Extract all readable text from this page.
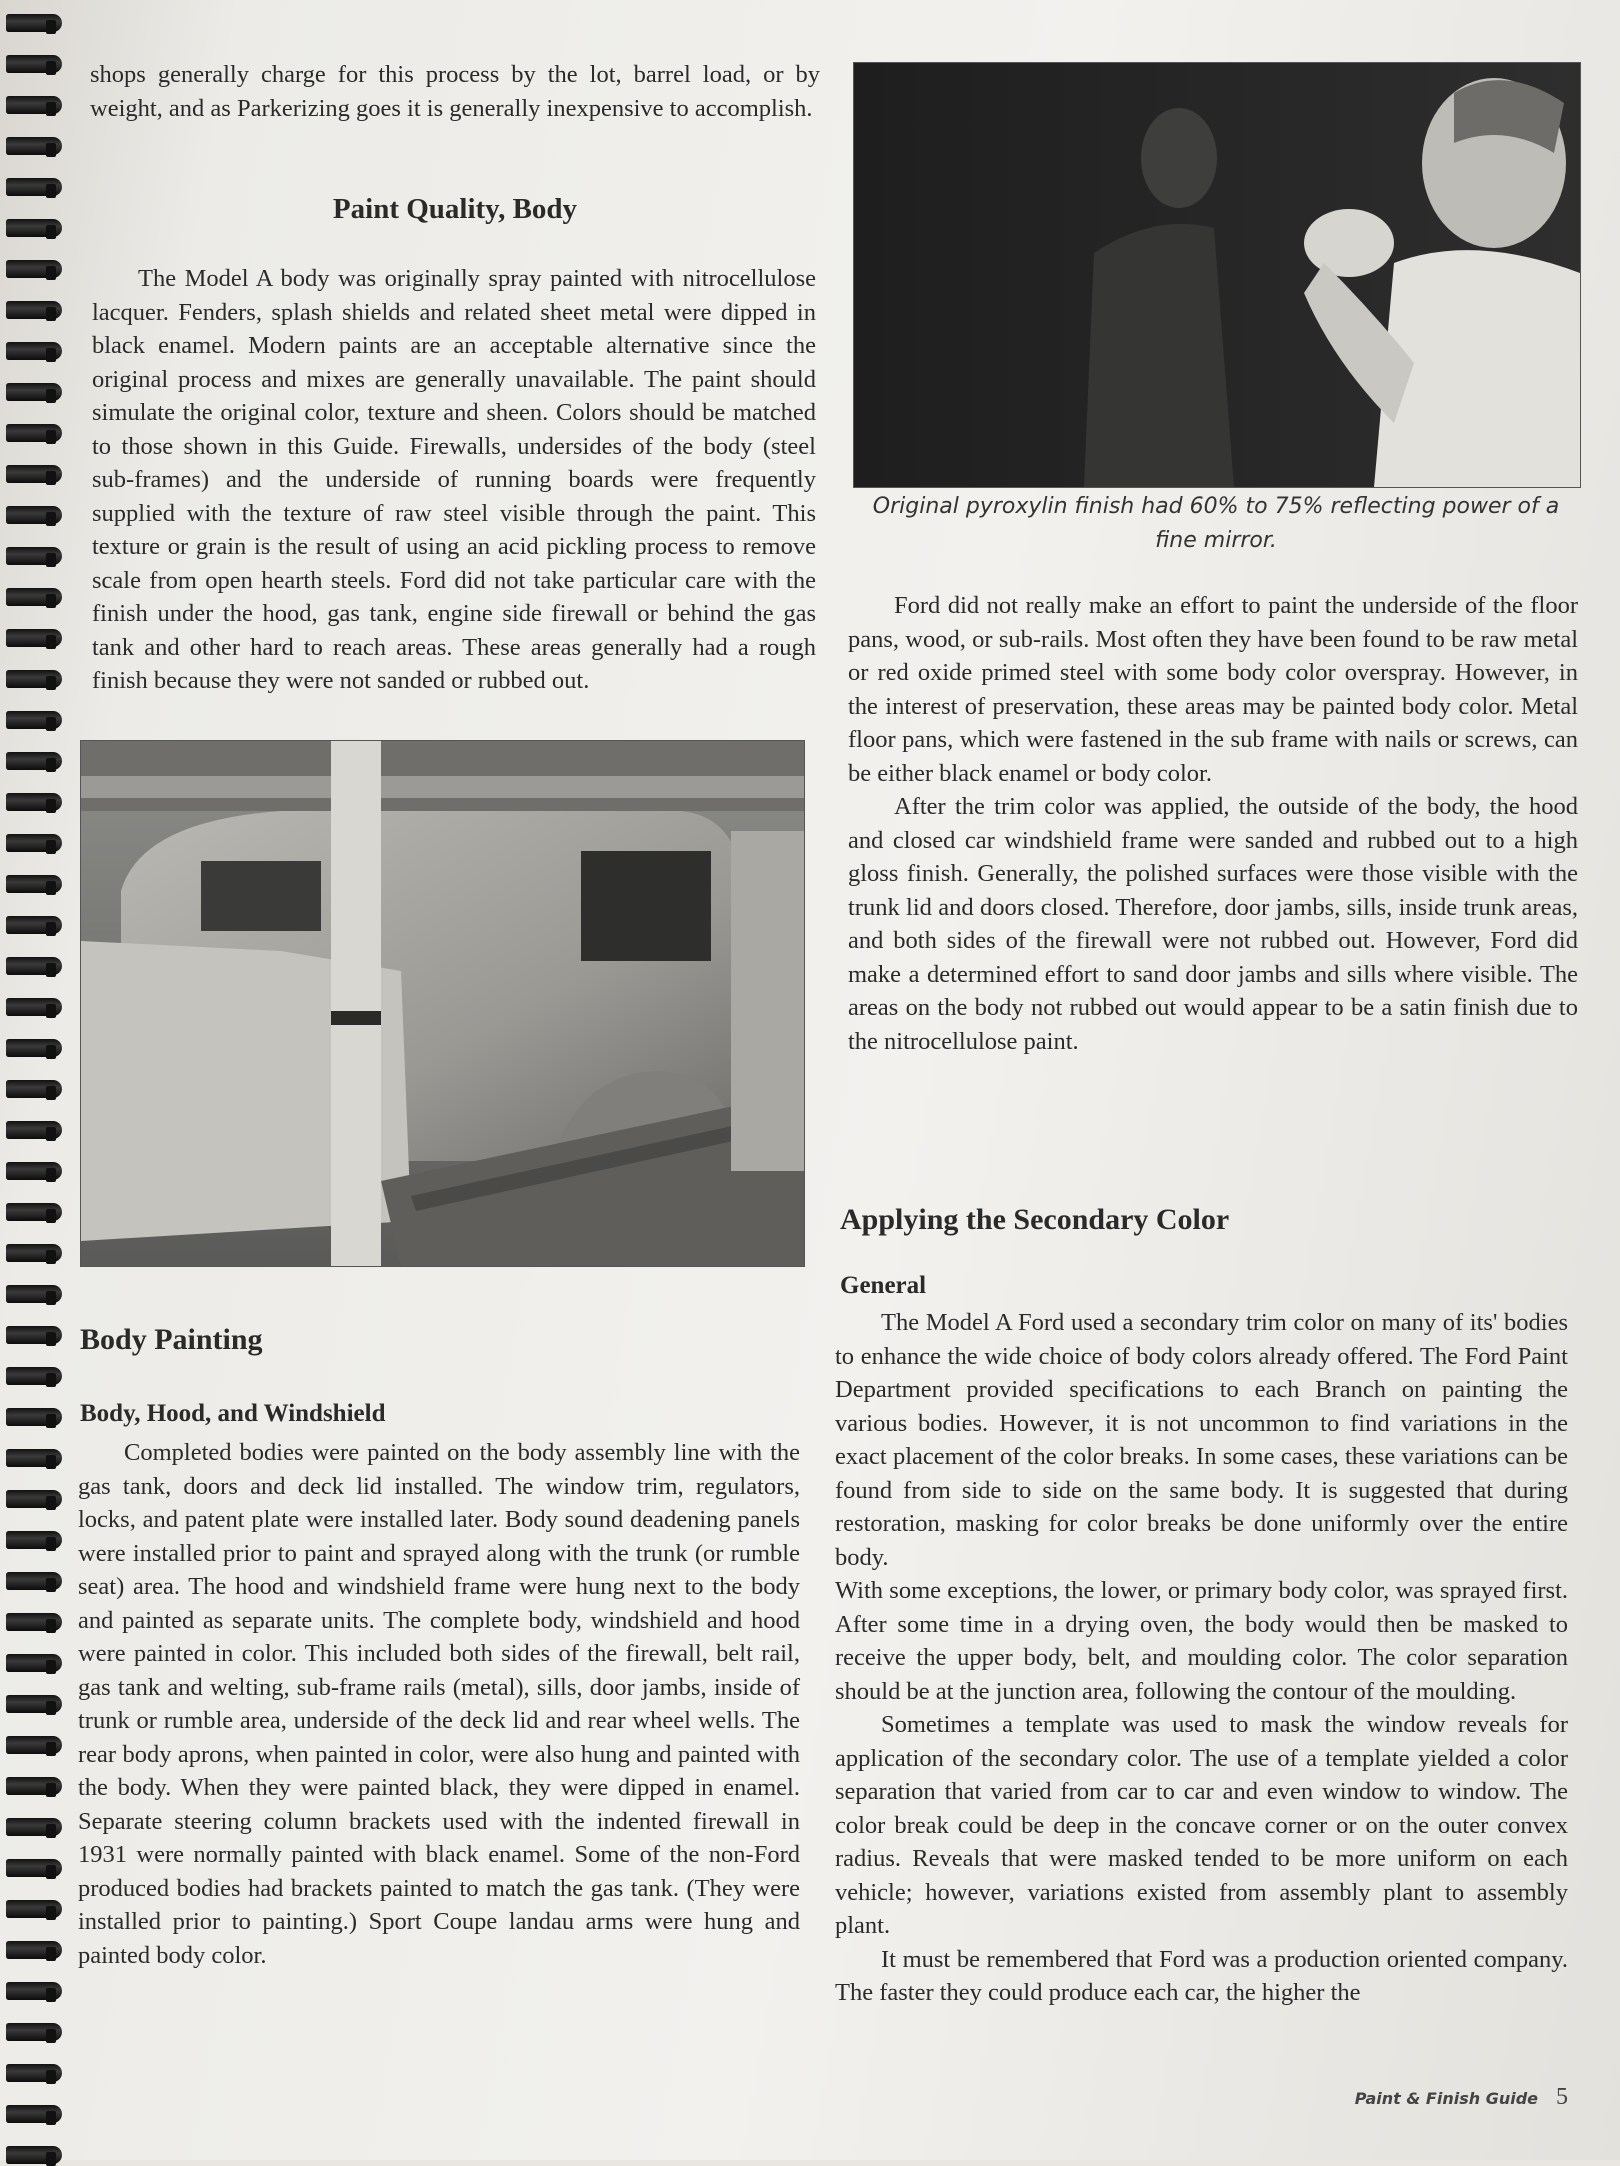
shops generally charge for this process by the lot, barrel load, or by weight, and as Parkerizing goes it is generally inexpensive to accomplish.

Paint Quality, Body

The Model A body was originally spray painted with nitrocellulose lacquer. Fenders, splash shields and related sheet metal were dipped in black enamel. Modern paints are an acceptable alternative since the original process and mixes are generally unavailable. The paint should simulate the original color, texture and sheen. Colors should be matched to those shown in this Guide. Firewalls, undersides of the body (steel sub-frames) and the underside of running boards were frequently supplied with the texture of raw steel visible through the paint. This texture or grain is the result of using an acid pickling process to remove scale from open hearth steels. Ford did not take particular care with the finish under the hood, gas tank, engine side firewall or behind the gas tank and other hard to reach areas. These areas generally had a rough finish because they were not sanded or rubbed out.

Body Painting
Body, Hood, and Windshield

Completed bodies were painted on the body assembly line with the gas tank, doors and deck lid installed. The window trim, regulators, locks, and patent plate were installed later. Body sound deadening panels were installed prior to paint and sprayed along with the trunk (or rumble seat) area. The hood and windshield frame were hung next to the body and painted as separate units. The complete body, windshield and hood were painted in color. This included both sides of the firewall, belt rail, gas tank and welting, sub-frame rails (metal), sills, door jambs, inside of trunk or rumble area, underside of the deck lid and rear wheel wells. The rear body aprons, when painted in color, were also hung and painted with the body. When they were painted black, they were dipped in enamel. Separate steering column brackets used with the indented firewall in 1931 were normally painted with black enamel. Some of the non-Ford produced bodies had brackets painted to match the gas tank. (They were installed prior to painting.) Sport Coupe landau arms were hung and painted body color.

Original pyroxylin finish had 60% to 75% reflecting power of a fine mirror.

Ford did not really make an effort to paint the underside of the floor pans, wood, or sub-rails. Most often they have been found to be raw metal or red oxide primed steel with some body color overspray. However, in the interest of preservation, these areas may be painted body color. Metal floor pans, which were fastened in the sub frame with nails or screws, can be either black enamel or body color.

After the trim color was applied, the outside of the body, the hood and closed car windshield frame were sanded and rubbed out to a high gloss finish. Generally, the polished surfaces were those visible with the trunk lid and doors closed. Therefore, door jambs, sills, inside trunk areas, and both sides of the firewall were not rubbed out. However, Ford did make a determined effort to sand door jambs and sills where visible. The areas on the body not rubbed out would appear to be a satin finish due to the nitrocellulose paint.

Applying the Secondary Color
General

The Model A Ford used a secondary trim color on many of its' bodies to enhance the wide choice of body colors already offered. The Ford Paint Department provided specifications to each Branch on painting the various bodies. However, it is not uncommon to find variations in the exact placement of the color breaks. In some cases, these variations can be found from side to side on the same body. It is suggested that during restoration, masking for color breaks be done uniformly over the entire body.

With some exceptions, the lower, or primary body color, was sprayed first. After some time in a drying oven, the body would then be masked to receive the upper body, belt, and moulding color. The color separation should be at the junction area, following the contour of the moulding.

Sometimes a template was used to mask the window reveals for application of the secondary color. The use of a template yielded a color separation that varied from car to car and even window to window. The color break could be deep in the concave corner or on the outer convex radius. Reveals that were masked tended to be more uniform on each vehicle; however, variations existed from assembly plant to assembly plant.

It must be remembered that Ford was a production oriented company. The faster they could produce each car, the higher the

Paint & Finish Guide 5
